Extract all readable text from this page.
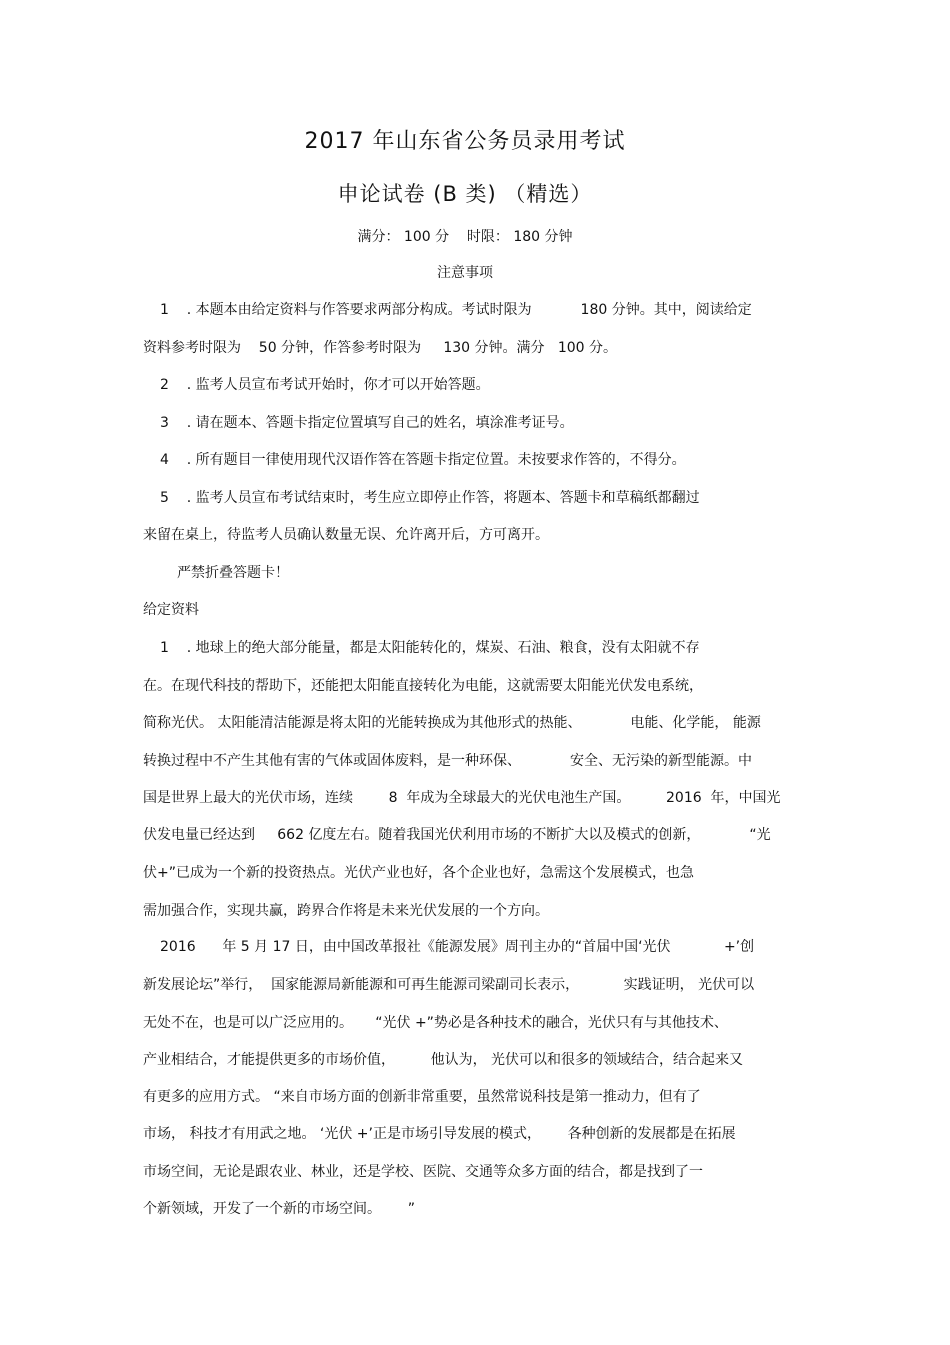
2017 年山东省公务员录用考试
申论试卷 (B 类) （精选）
满分： 100 分    时限： 180 分钟
注意事项
1    . 本题本由给定资料与作答要求两部分构成。考试时限为           180 分钟。其中，阅读给定
资料参考时限为    50 分钟，作答参考时限为     130 分钟。满分   100 分。
2    . 监考人员宣布考试开始时，你才可以开始答题。
3    . 请在题本、答题卡指定位置填写自己的姓名，填涂准考证号。
4    . 所有题目一律使用现代汉语作答在答题卡指定位置。未按要求作答的，不得分。
5    . 监考人员宣布考试结束时，考生应立即停止作答，将题本、答题卡和草稿纸都翻过
来留在桌上，待监考人员确认数量无误、允许离开后，方可离开。
严禁折叠答题卡！
给定资料
1    . 地球上的绝大部分能量，都是太阳能转化的，煤炭、石油、粮食，没有太阳就不存
在。在现代科技的帮助下，还能把太阳能直接转化为电能，这就需要太阳能光伏发电系统，
简称光伏。 太阳能清洁能源是将太阳的光能转换成为其他形式的热能、           电能、化学能， 能源
转换过程中不产生其他有害的气体或固体废料，是一种环保、           安全、无污染的新型能源。中
国是世界上最大的光伏市场，连续        8  年成为全球最大的光伏电池生产国。        2016  年，中国光
伏发电量已经达到     662 亿度左右。随着我国光伏利用市场的不断扩大以及模式的创新，           “光
伏+”已成为一个新的投资热点。光伏产业也好，各个企业也好，急需这个发展模式，也急
需加强合作，实现共赢，跨界合作将是未来光伏发展的一个方向。
2016      年 5 月 17 日，由中国改革报社《能源发展》周刊主办的“首届中国‘光伏            +’创
新发展论坛”举行，  国家能源局新能源和可再生能源司梁副司长表示，          实践证明， 光伏可以
无处不在，也是可以广泛应用的。     “光伏 +”势必是各种技术的融合，光伏只有与其他技术、
产业相结合，才能提供更多的市场价值，        他认为， 光伏可以和很多的领域结合，结合起来又
有更多的应用方式。 “来自市场方面的创新非常重要，虽然常说科技是第一推动力，但有了
市场， 科技才有用武之地。 ‘光伏 +’正是市场引导发展的模式，      各种创新的发展都是在拓展
市场空间，无论是跟农业、林业，还是学校、医院、交通等众多方面的结合，都是找到了一
个新领域，开发了一个新的市场空间。      ”
